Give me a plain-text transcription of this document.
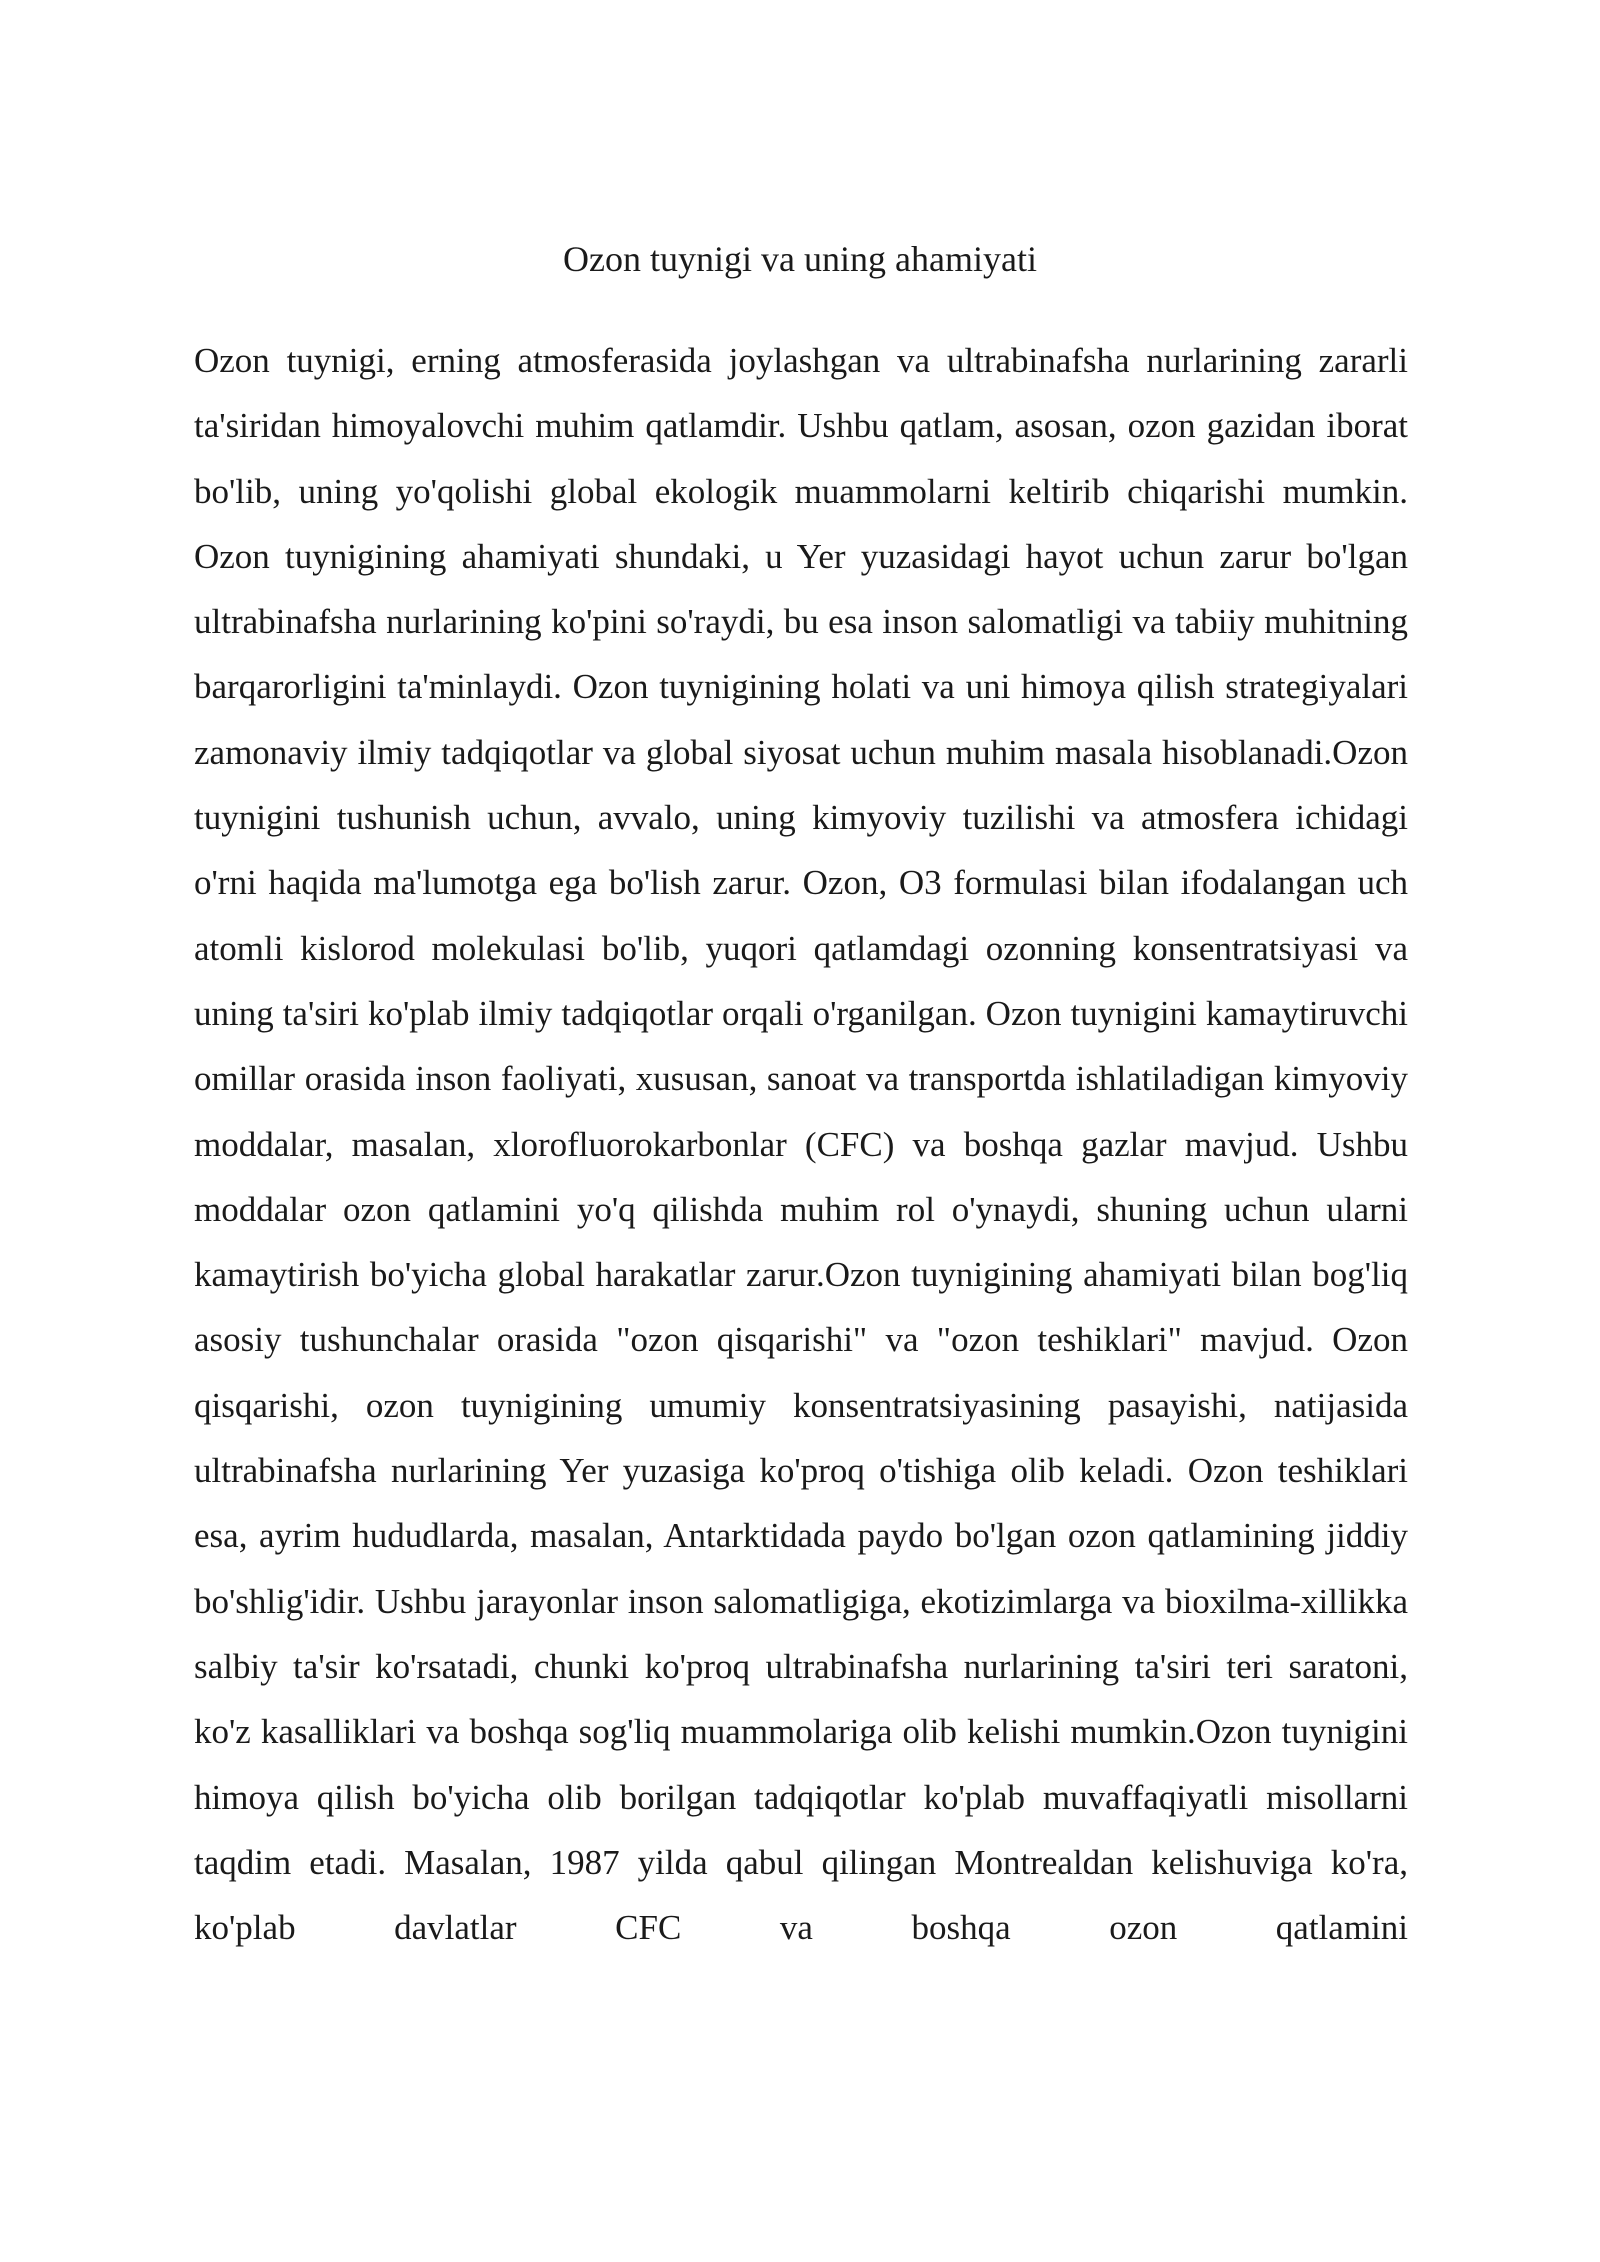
Ozon tuynigi va uning ahamiyati

Ozon tuynigi, erning atmosferasida joylashgan va ultrabinafsha nurlarining zararli ta'siridan himoyalovchi muhim qatlamdir. Ushbu qatlam, asosan, ozon gazidan iborat bo'lib, uning yo'qolishi global ekologik muammolarni keltirib chiqarishi mumkin. Ozon tuynigining ahamiyati shundaki, u Yer yuzasidagi hayot uchun zarur bo'lgan ultrabinafsha nurlarining ko'pini so'raydi, bu esa inson salomatligi va tabiiy muhitning barqarorligini ta'minlaydi. Ozon tuynigining holati va uni himoya qilish strategiyalari zamonaviy ilmiy tadqiqotlar va global siyosat uchun muhim masala hisoblanadi.Ozon tuynigini tushunish uchun, avvalo, uning kimyoviy tuzilishi va atmosfera ichidagi o'rni haqida ma'lumotga ega bo'lish zarur. Ozon, O3 formulasi bilan ifodalangan uch atomli kislorod molekulasi bo'lib, yuqori qatlamdagi ozonning konsentratsiyasi va uning ta'siri ko'plab ilmiy tadqiqotlar orqali o'rganilgan. Ozon tuynigini kamaytiruvchi omillar orasida inson faoliyati, xususan, sanoat va transportda ishlatiladigan kimyoviy moddalar, masalan, xlorofluorokarbonlar (CFC) va boshqa gazlar mavjud. Ushbu moddalar ozon qatlamini yo'q qilishda muhim rol o'ynaydi, shuning uchun ularni kamaytirish bo'yicha global harakatlar zarur.Ozon tuynigining ahamiyati bilan bog'liq asosiy tushunchalar orasida "ozon qisqarishi" va "ozon teshiklari" mavjud. Ozon qisqarishi, ozon tuynigining umumiy konsentratsiyasining pasayishi, natijasida ultrabinafsha nurlarining Yer yuzasiga ko'proq o'tishiga olib keladi. Ozon teshiklari esa, ayrim hududlarda, masalan, Antarktidada paydo bo'lgan ozon qatlamining jiddiy bo'shlig'idir. Ushbu jarayonlar inson salomatligiga, ekotizimlarga va bioxilma-xillikka salbiy ta'sir ko'rsatadi, chunki ko'proq ultrabinafsha nurlarining ta'siri teri saratoni, ko'z kasalliklari va boshqa sog'liq muammolariga olib kelishi mumkin.Ozon tuynigini himoya qilish bo'yicha olib borilgan tadqiqotlar ko'plab muvaffaqiyatli misollarni taqdim etadi. Masalan, 1987 yilda qabul qilingan Montrealdan kelishuviga ko'ra, ko'plab davlatlar CFC va boshqa ozon qatlamini
